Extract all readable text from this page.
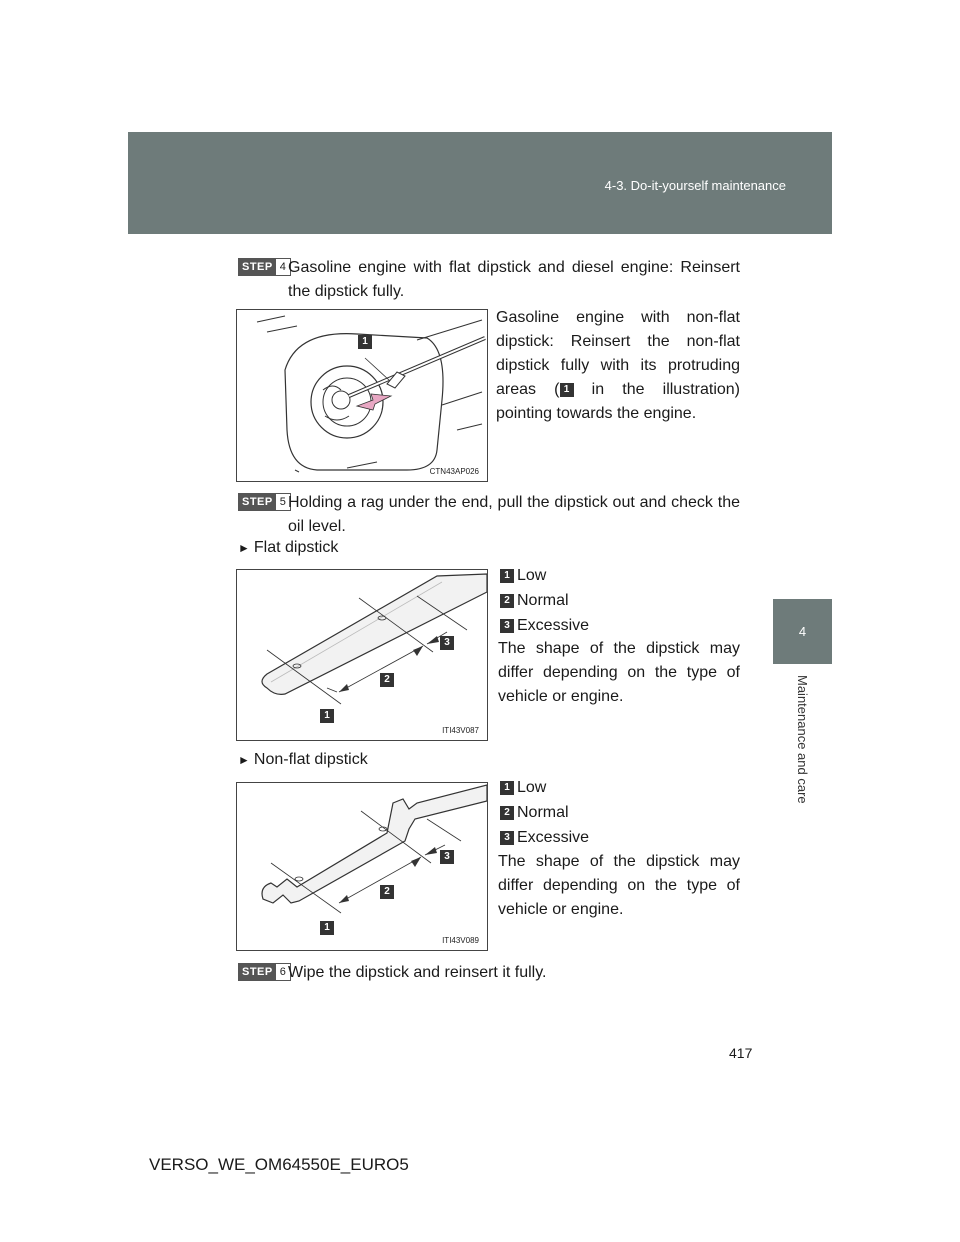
4-3. Do-it-yourself maintenance
4
Maintenance and care
STEP 4 Gasoline engine with flat dipstick and diesel engine: Reinsert the dipstick fully.
Gasoline engine with non-flat dipstick: Reinsert the non-flat dipstick fully with its protruding areas ( 1 in the illustration) pointing towards the engine.
1
CTN43AP026
STEP 5 Holding a rag under the end, pull the dipstick out and check the oil level.
► Flat dipstick
3
2
1
ITI43V087
1 Low
2 Normal
3 Excessive
The shape of the dipstick may differ depending on the type of vehicle or engine.
► Non-flat dipstick
3
2
1
ITI43V089
1 Low
2 Normal
3 Excessive
The shape of the dipstick may differ depending on the type of vehicle or engine.
STEP 6 Wipe the dipstick and reinsert it fully.
417
VERSO_WE_OM64550E_EURO5
